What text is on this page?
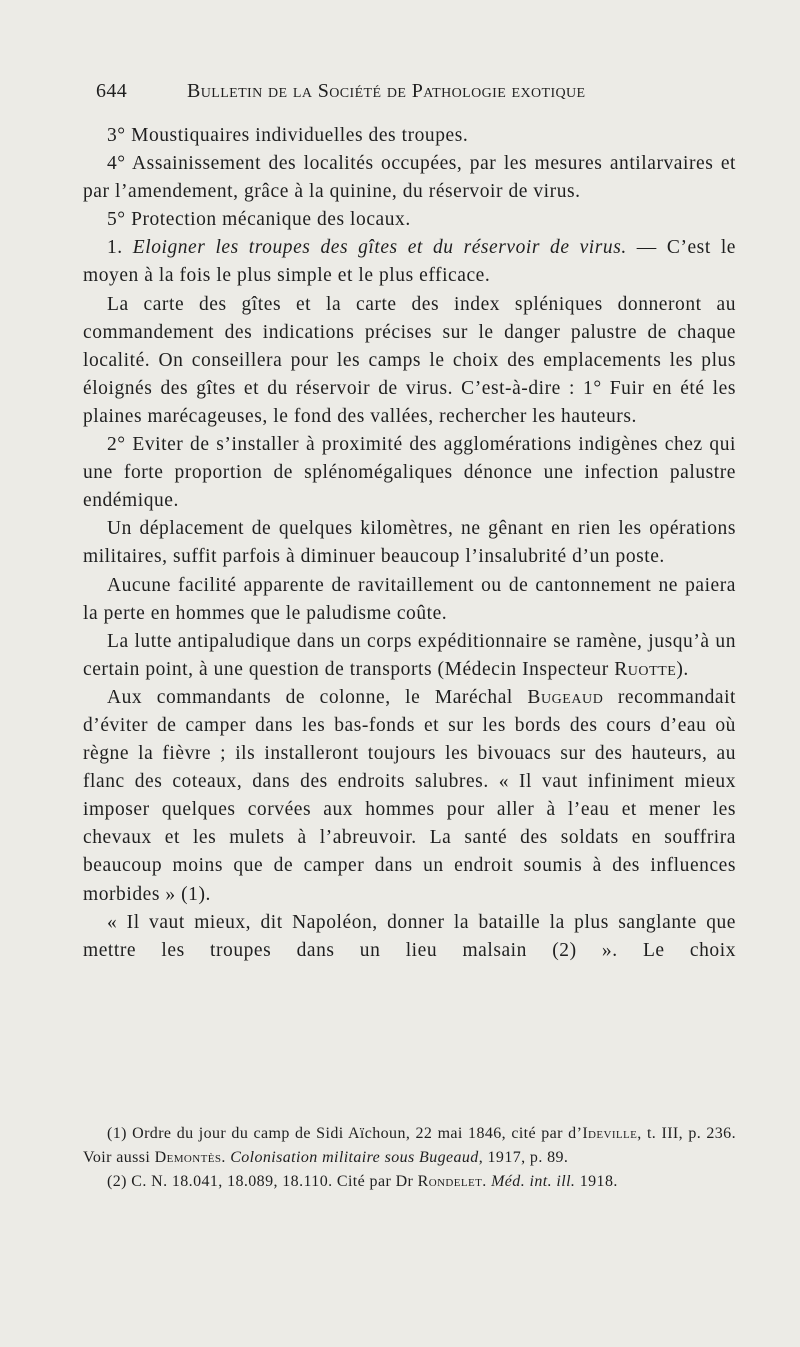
644	Bulletin de la Société de Pathologie exotique

3° Moustiquaires individuelles des troupes.

4° Assainissement des localités occupées, par les mesures antilarvaires et par l’amendement, grâce à la quinine, du réservoir de virus.

5° Protection mécanique des locaux.

1. Eloigner les troupes des gîtes et du réservoir de virus. — C’est le moyen à la fois le plus simple et le plus efficace.

La carte des gîtes et la carte des index spléniques donneront au commandement des indications précises sur le danger palustre de chaque localité. On conseillera pour les camps le choix des emplacements les plus éloignés des gîtes et du réservoir de virus. C’est-à-dire : 1° Fuir en été les plaines marécageuses, le fond des vallées, rechercher les hauteurs.

2° Eviter de s’installer à proximité des agglomérations indigènes chez qui une forte proportion de splénomégaliques dénonce une infection palustre endémique.

Un déplacement de quelques kilomètres, ne gênant en rien les opérations militaires, suffit parfois à diminuer beaucoup l’insalubrité d’un poste.

Aucune facilité apparente de ravitaillement ou de cantonnement ne paiera la perte en hommes que le paludisme coûte.

La lutte antipaludique dans un corps expéditionnaire se ramène, jusqu’à un certain point, à une question de transports (Médecin Inspecteur Ruotte).

Aux commandants de colonne, le Maréchal Bugeaud recommandait d’éviter de camper dans les bas-fonds et sur les bords des cours d’eau où règne la fièvre ; ils installeront toujours les bivouacs sur des hauteurs, au flanc des coteaux, dans des endroits salubres. « Il vaut infiniment mieux imposer quelques corvées aux hommes pour aller à l’eau et mener les chevaux et les mulets à l’abreuvoir. La santé des soldats en souffrira beaucoup moins que de camper dans un endroit soumis à des influences morbides » (1).

« Il vaut mieux, dit Napoléon, donner la bataille la plus sanglante que mettre les troupes dans un lieu malsain (2) ». Le choix

(1) Ordre du jour du camp de Sidi Aïchoun, 22 mai 1846, cité par d’Ideville, t. III, p. 236. Voir aussi Demontès. Colonisation militaire sous Bugeaud, 1917, p. 89.

(2) C. N. 18.041, 18.089, 18.110. Cité par Dr Rondelet. Méd. int. ill. 1918.
